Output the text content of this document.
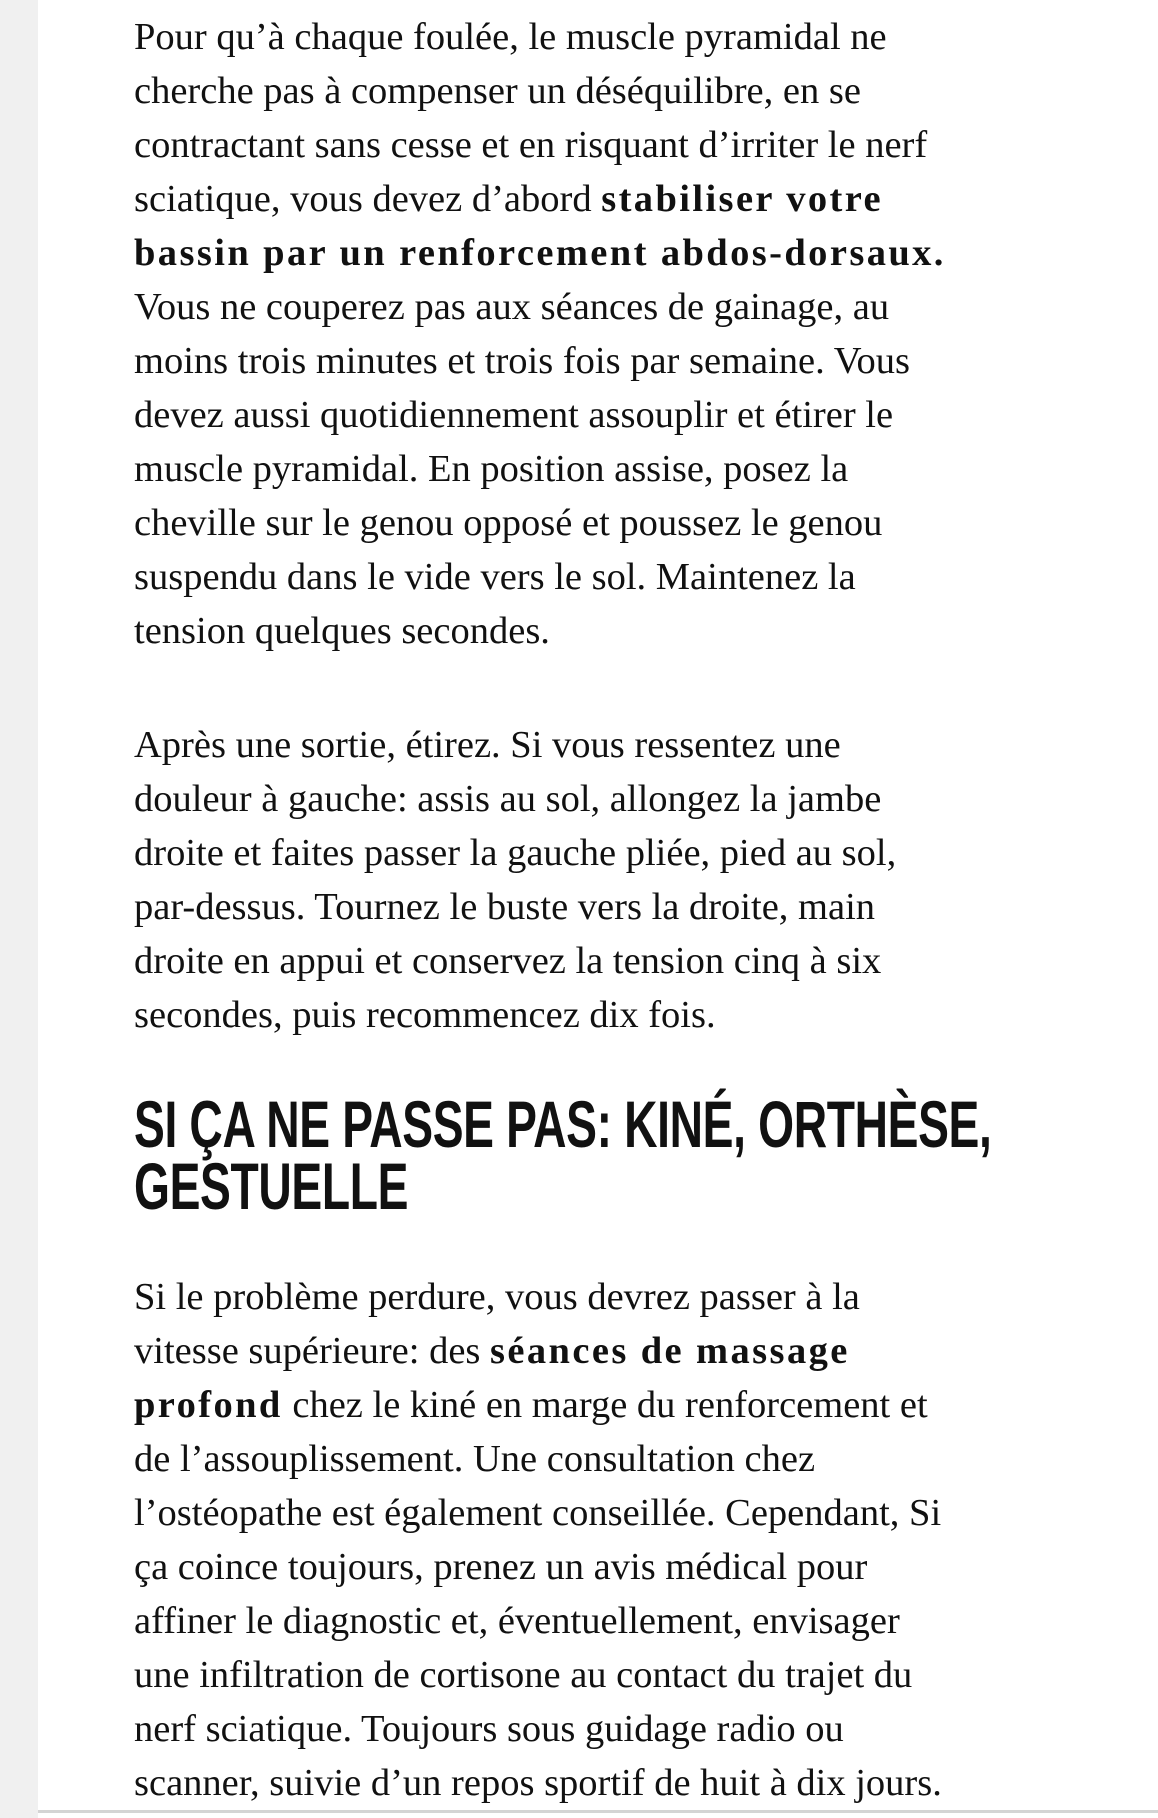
Pour qu’à chaque foulée, le muscle pyramidal ne
cherche pas à compenser un déséquilibre, en se
contractant sans cesse et en risquant d’irriter le nerf
sciatique, vous devez d’abord stabiliser votre
bassin par un renforcement abdos-dorsaux.
Vous ne couperez pas aux séances de gainage, au
moins trois minutes et trois fois par semaine. Vous
devez aussi quotidiennement assouplir et étirer le
muscle pyramidal. En position assise, posez la
cheville sur le genou opposé et poussez le genou
suspendu dans le vide vers le sol. Maintenez la
tension quelques secondes.
Après une sortie, étirez. Si vous ressentez une
douleur à gauche: assis au sol, allongez la jambe
droite et faites passer la gauche pliée, pied au sol,
par-dessus. Tournez le buste vers la droite, main
droite en appui et conservez la tension cinq à six
secondes, puis recommencez dix fois.
SI ÇA NE PASSE PAS: KINÉ, ORTHÈSE,
GESTUELLE
Si le problème perdure, vous devrez passer à la
vitesse supérieure: des séances de massage
profond chez le kiné en marge du renforcement et
de l’assouplissement. Une consultation chez
l’ostéopathe est également conseillée. Cependant, Si
ça coince toujours, prenez un avis médical pour
affiner le diagnostic et, éventuellement, envisager
une infiltration de cortisone au contact du trajet du
nerf sciatique. Toujours sous guidage radio ou
scanner, suivie d’un repos sportif de huit à dix jours.
